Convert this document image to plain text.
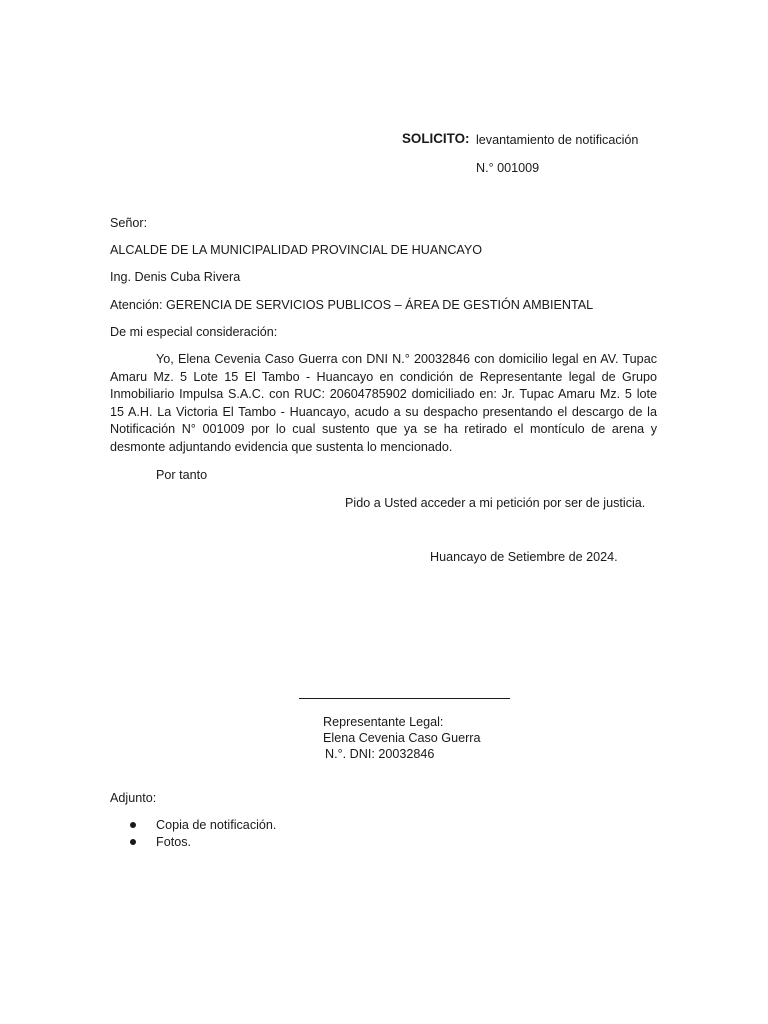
SOLICITO: levantamiento de notificación
N.° 001009
Señor:
ALCALDE DE LA MUNICIPALIDAD PROVINCIAL DE HUANCAYO
Ing. Denis Cuba Rivera
Atención: GERENCIA DE SERVICIOS PUBLICOS – ÁREA DE GESTIÓN AMBIENTAL
De mi especial consideración:

Yo, Elena Cevenia Caso Guerra con DNI N.° 20032846 con domicilio legal en AV. Tupac Amaru Mz. 5 Lote 15 El Tambo - Huancayo en condición de Representante legal de Grupo Inmobiliario Impulsa S.A.C. con RUC: 20604785902 domiciliado en: Jr. Tupac Amaru Mz. 5 lote 15 A.H. La Victoria El Tambo - Huancayo, acudo a su despacho presentando el descargo de la Notificación N° 001009 por lo cual sustento que ya se ha retirado el montículo de arena y desmonte adjuntando evidencia que sustenta lo mencionado.

Por tanto
Pido a Usted acceder a mi petición por ser de justicia.
Huancayo de Setiembre de 2024.
Representante Legal:
Elena Cevenia Caso Guerra
N.°. DNI: 20032846
Adjunto:
Copia de notificación.
Fotos.
